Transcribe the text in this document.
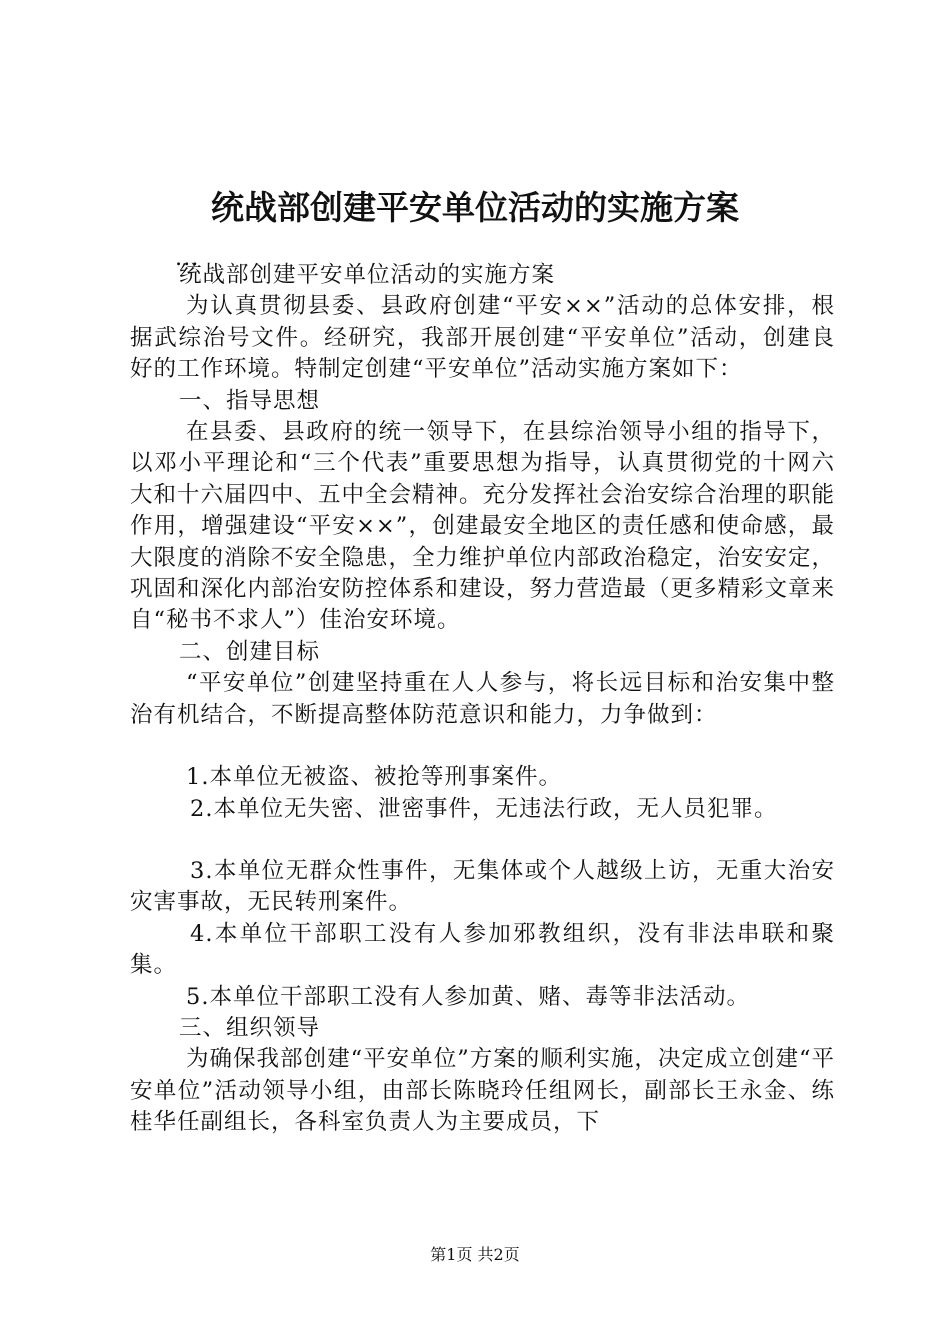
统战部创建平安单位活动的实施方案

...

统战部创建平安单位活动的实施方案

为认真贯彻县委、县政府创建“平安××”活动的总体安排，根据武综治号文件。经研究，我部开展创建“平安单位”活动，创建良好的工作环境。特制定创建“平安单位”活动实施方案如下：

一、指导思想

在县委、县政府的统一领导下，在县综治领导小组的指导下，以邓小平理论和“三个代表”重要思想为指导，认真贯彻党的十网六大和十六届四中、五中全会精神。充分发挥社会治安综合治理的职能作用，增强建设“平安××”，创建最安全地区的责任感和使命感，最大限度的消除不安全隐患，全力维护单位内部政治稳定，治安安定，巩固和深化内部治安防控体系和建设，努力营造最（更多精彩文章来自“秘书不求人”）佳治安环境。

二、创建目标

“平安单位”创建坚持重在人人参与，将长远目标和治安集中整治有机结合，不断提高整体防范意识和能力，力争做到：

1.本单位无被盗、被抢等刑事案件。

2.本单位无失密、泄密事件，无违法行政，无人员犯罪。

3.本单位无群众性事件，无集体或个人越级上访，无重大治安灾害事故，无民转刑案件。

4.本单位干部职工没有人参加邪教组织，没有非法串联和聚集。

5.本单位干部职工没有人参加黄、赌、毒等非法活动。

三、组织领导

为确保我部创建“平安单位”方案的顺利实施，决定成立创建“平安单位”活动领导小组，由部长陈晓玲任组网长，副部长王永金、练桂华任副组长，各科室负责人为主要成员，下

第1页 共2页
